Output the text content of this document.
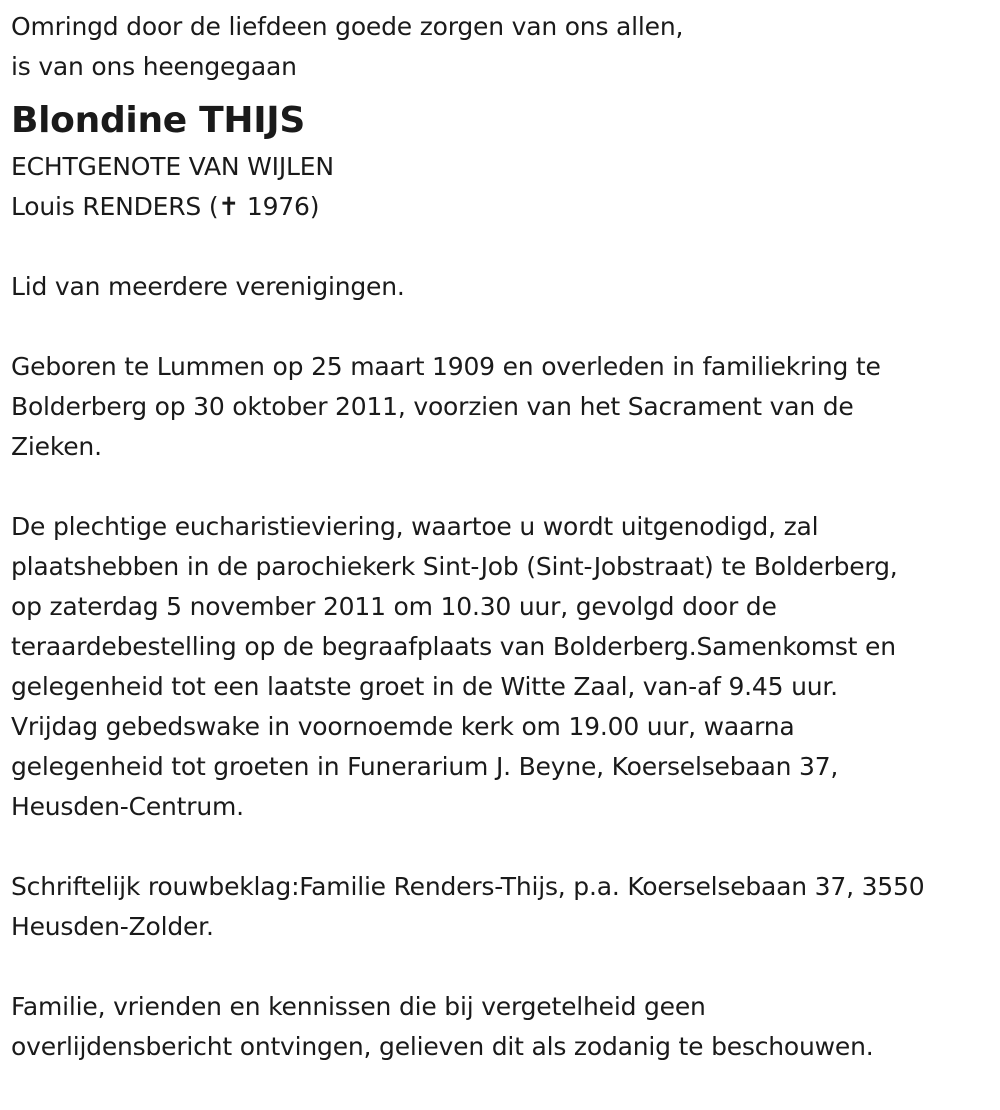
Omringd door de liefdeen goede zorgen van ons allen,
is van ons heengegaan
Blondine THIJS
ECHTGENOTE VAN WIJLEN
Louis RENDERS (✝ 1976)
Lid van meerdere verenigingen.
Geboren te Lummen op 25 maart 1909 en overleden in familiekring te
Bolderberg op 30 oktober 2011, voorzien van het Sacrament van de
Zieken.
De plechtige eucharistieviering, waartoe u wordt uitgenodigd, zal
plaatshebben in de parochiekerk Sint-Job (Sint-Jobstraat) te Bolderberg,
op zaterdag 5 november 2011 om 10.30 uur, gevolgd door de
teraardebestelling op de begraafplaats van Bolderberg.Samenkomst en
gelegenheid tot een laatste groet in de Witte Zaal, van-af 9.45 uur.
Vrijdag gebedswake in voornoemde kerk om 19.00 uur, waarna
gelegenheid tot groeten in Funerarium J. Beyne, Koerselsebaan 37,
Heusden-Centrum.
Schriftelijk rouwbeklag:Familie Renders-Thijs, p.a. Koerselsebaan 37, 3550
Heusden-Zolder.
Familie, vrienden en kennissen die bij vergetelheid geen
overlijdensbericht ontvingen, gelieven dit als zodanig te beschouwen.
